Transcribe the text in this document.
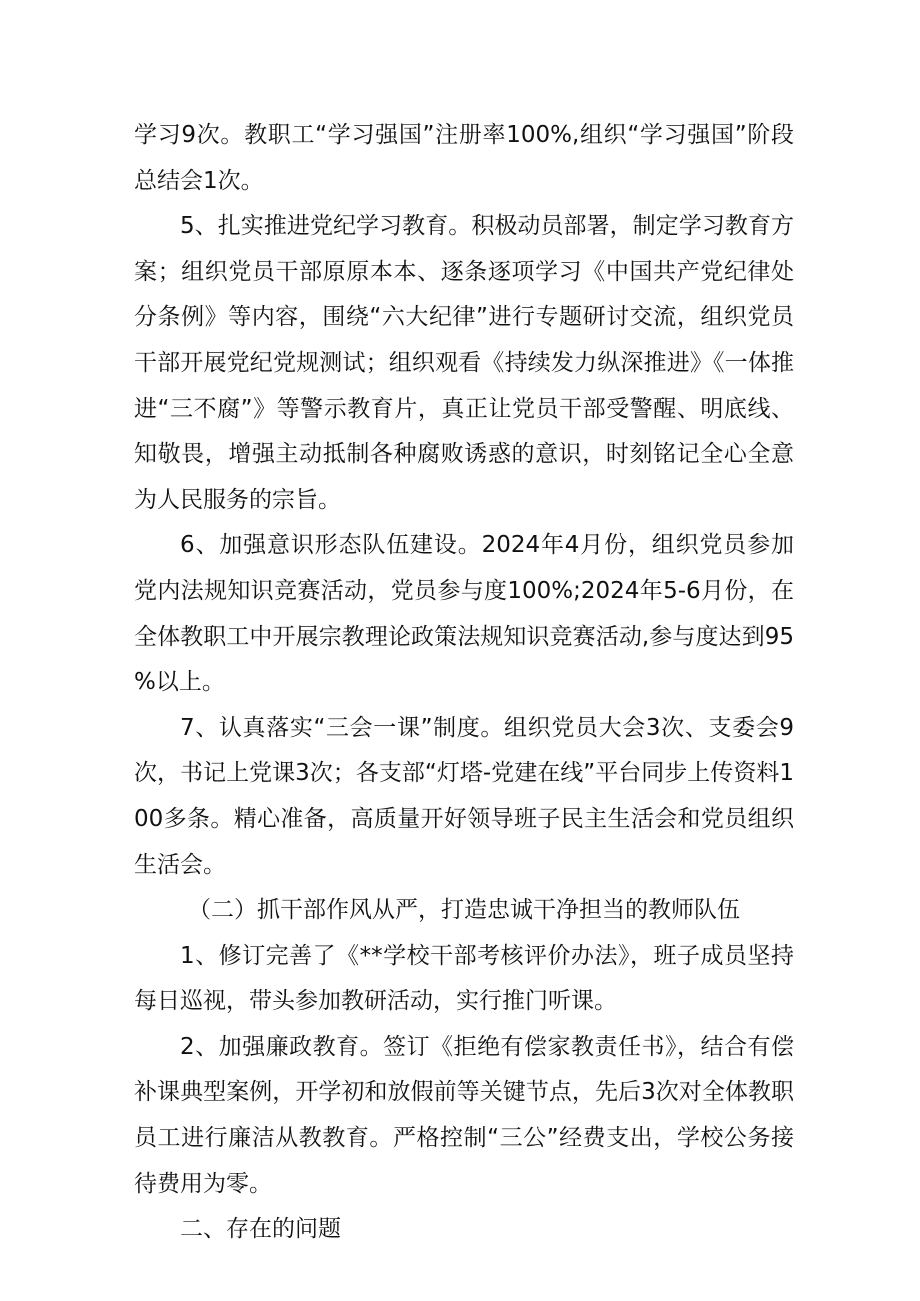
学习9次。教职工“学习强国”注册率100%,组织“学习强国”阶段总结会1次。

5、扎实推进党纪学习教育。积极动员部署，制定学习教育方案；组织党员干部原原本本、逐条逐项学习《中国共产党纪律处分条例》等内容，围绕“六大纪律”进行专题研讨交流，组织党员干部开展党纪党规测试；组织观看《持续发力纵深推进》《一体推进“三不腐”》等警示教育片，真正让党员干部受警醒、明底线、知敬畏，增强主动抵制各种腐败诱惑的意识，时刻铭记全心全意为人民服务的宗旨。

6、加强意识形态队伍建设。2024年4月份，组织党员参加党内法规知识竞赛活动，党员参与度100%;2024年5-6月份，在全体教职工中开展宗教理论政策法规知识竞赛活动,参与度达到95%以上。

7、认真落实“三会一课”制度。组织党员大会3次、支委会9次，书记上党课3次；各支部“灯塔-党建在线”平台同步上传资料100多条。精心准备，高质量开好领导班子民主生活会和党员组织生活会。

（二）抓干部作风从严，打造忠诚干净担当的教师队伍

1、修订完善了《**学校干部考核评价办法》，班子成员坚持每日巡视，带头参加教研活动，实行推门听课。

2、加强廉政教育。签订《拒绝有偿家教责任书》，结合有偿补课典型案例，开学初和放假前等关键节点，先后3次对全体教职员工进行廉洁从教教育。严格控制“三公”经费支出，学校公务接待费用为零。

二、存在的问题
